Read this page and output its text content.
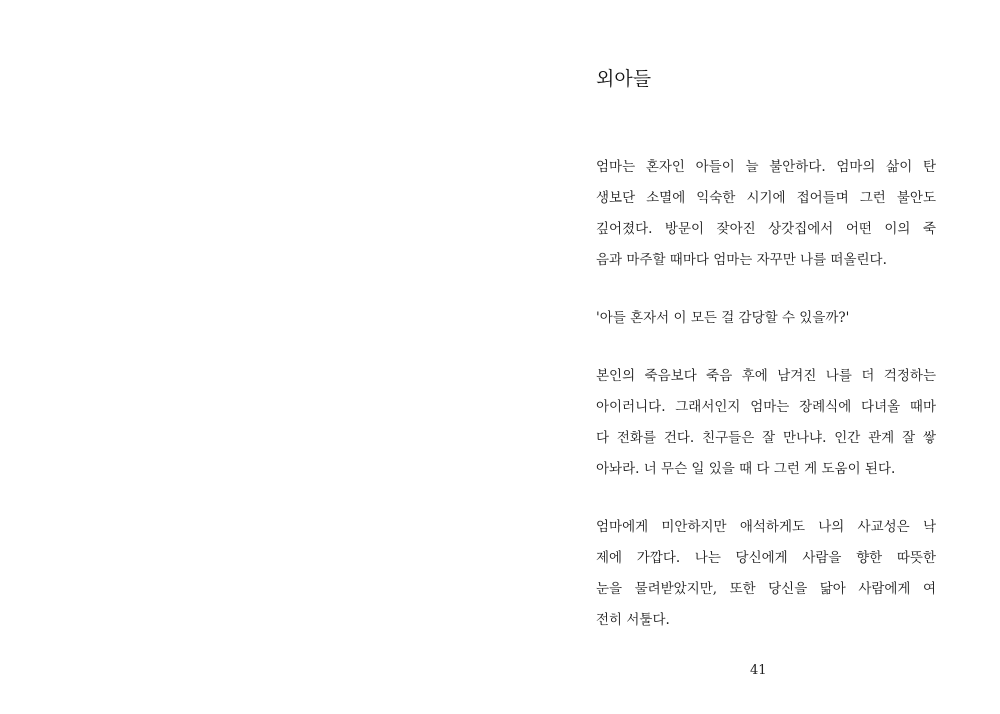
외아들

엄마는 혼자인 아들이 늘 불안하다. 엄마의 삶이 탄
생보단 소멸에 익숙한 시기에 접어들며 그런 불안도
깊어졌다. 방문이 잦아진 상갓집에서 어떤 이의 죽
음과 마주할 때마다 엄마는 자꾸만 나를 떠올린다.

'아들 혼자서 이 모든 걸 감당할 수 있을까?'

본인의 죽음보다 죽음 후에 남겨진 나를 더 걱정하는
아이러니다. 그래서인지 엄마는 장례식에 다녀올 때마
다 전화를 건다. 친구들은 잘 만나냐. 인간 관계 잘 쌓
아놔라. 너 무슨 일 있을 때 다 그런 게 도움이 된다.

엄마에게 미안하지만 애석하게도 나의 사교성은 낙
제에 가깝다. 나는 당신에게 사람을 향한 따뜻한
눈을 물려받았지만, 또한 당신을 닮아 사람에게 여
전히 서툴다.

41
